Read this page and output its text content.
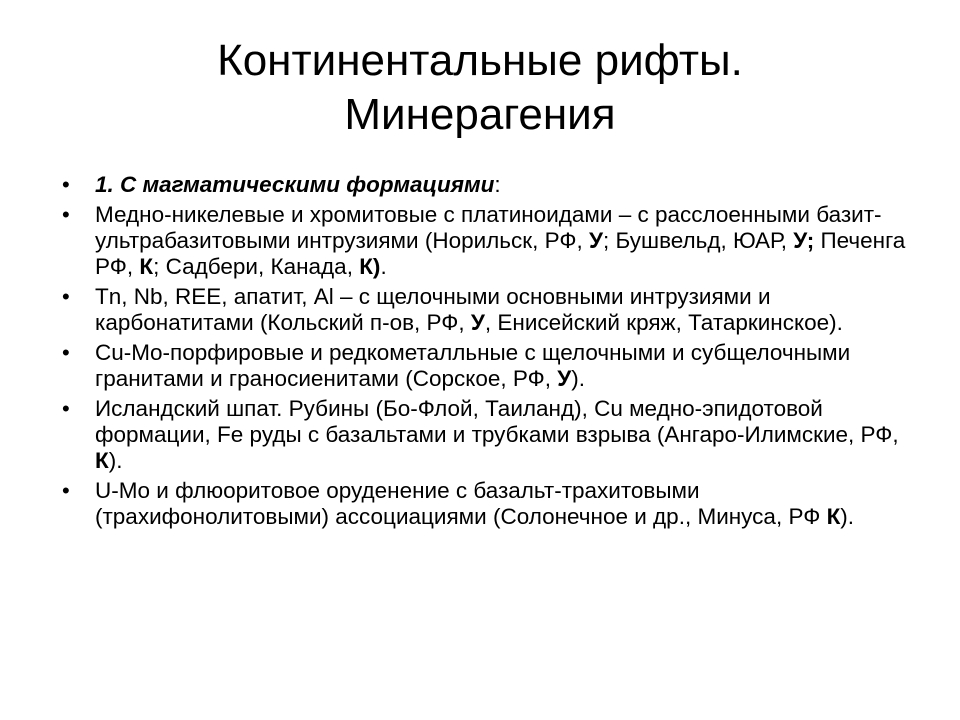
Континентальные рифты.
Минерагения
•	1. С магматическими формациями:
•	Медно-никелевые и хромитовые с платиноидами – с расслоенными базит-ультрабазитовыми интрузиями (Норильск, РФ, У; Бушвельд, ЮАР, У; Печенга РФ, К; Садбери, Канада, К).
•	Tn, Nb, REE, апатит, Al – с щелочными основными интрузиями и карбонатитами (Кольский п-ов, РФ, У, Енисейский кряж, Татаркинское).
•	Cu-Mo-порфировые и редкометалльные с щелочными и субщелочными гранитами и граносиенитами (Сорское, РФ, У).
•	Исландский шпат. Рубины (Бо-Флой, Таиланд), Cu медно-эпидотовой формации, Fe руды с базальтами и трубками взрыва (Ангаро-Илимские, РФ, К).
•	U-Mo и флюоритовое оруденение с базальт-трахитовыми (трахифонолитовыми) ассоциациями (Солонечное и др., Минуса, РФ К).
